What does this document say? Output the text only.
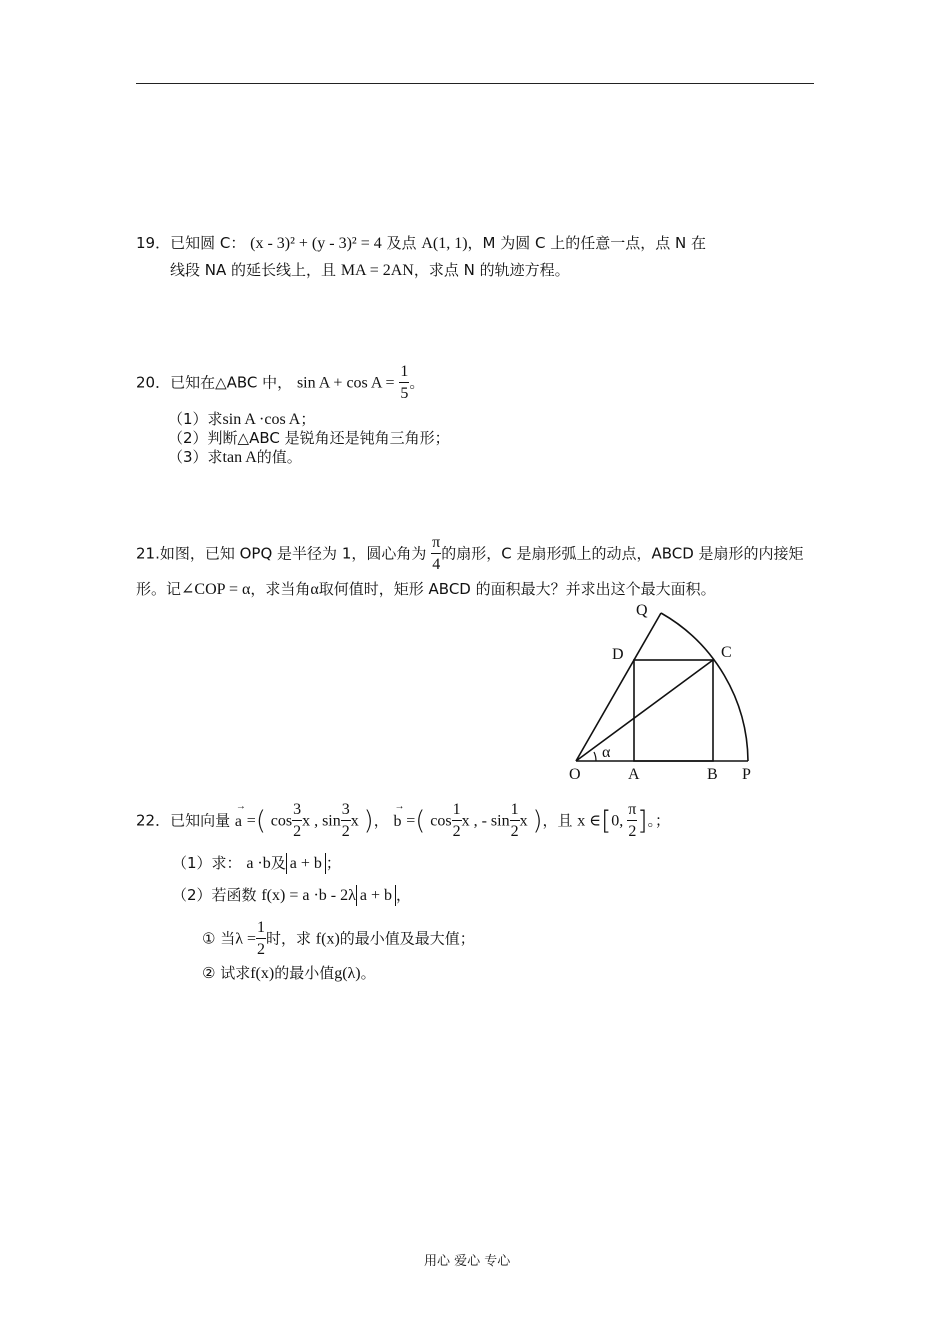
19．已知圆 C： (x - 3)² + (y - 3)² = 4 及点 A(1, 1)，M 为圆 C 上的任意一点，点 N 在
线段 NA 的延长线上，且 MA = 2AN，求点 N 的轨迹方程。
20．已知在△ABC 中， $\sin A + \cos A = \frac{1}{5}$ 。
（1）求sin A ·cos A；
（2）判断△ABC 是锐角还是钝角三角形；
（3）求tan A的值。
21.如图，已知 OPQ 是半径为 1，圆心角为 $\frac{\pi}{4}$ 的扇形，C 是扇形弧上的动点，ABCD 是扇形的内接矩
形。记∠COP = α，求当角α取何值时，矩形 ABCD 的面积最大？并求出这个最大面积。
Q
D	C
α
O	A	B P
22．已知向量
→
a =( $\cos \frac{3}{2}$ x , $\sin \frac{3}{2}$ x )，
→
b =( $\cos \frac{1}{2}$ x , - $\sin \frac{1}{2}$ x )，且 x ∈[0, $\frac{\pi}{2}$ ]。；
（1）求： a ·b及 a + b ；
（2）若函数 f(x) = a ·b - 2λ a + b ，
① 当$\lambda = \frac{1}{2}$ 时，求 f(x)的最小值及最大值；
② 试求f(x)的最小值g(λ)。
用心 爱心 专心
